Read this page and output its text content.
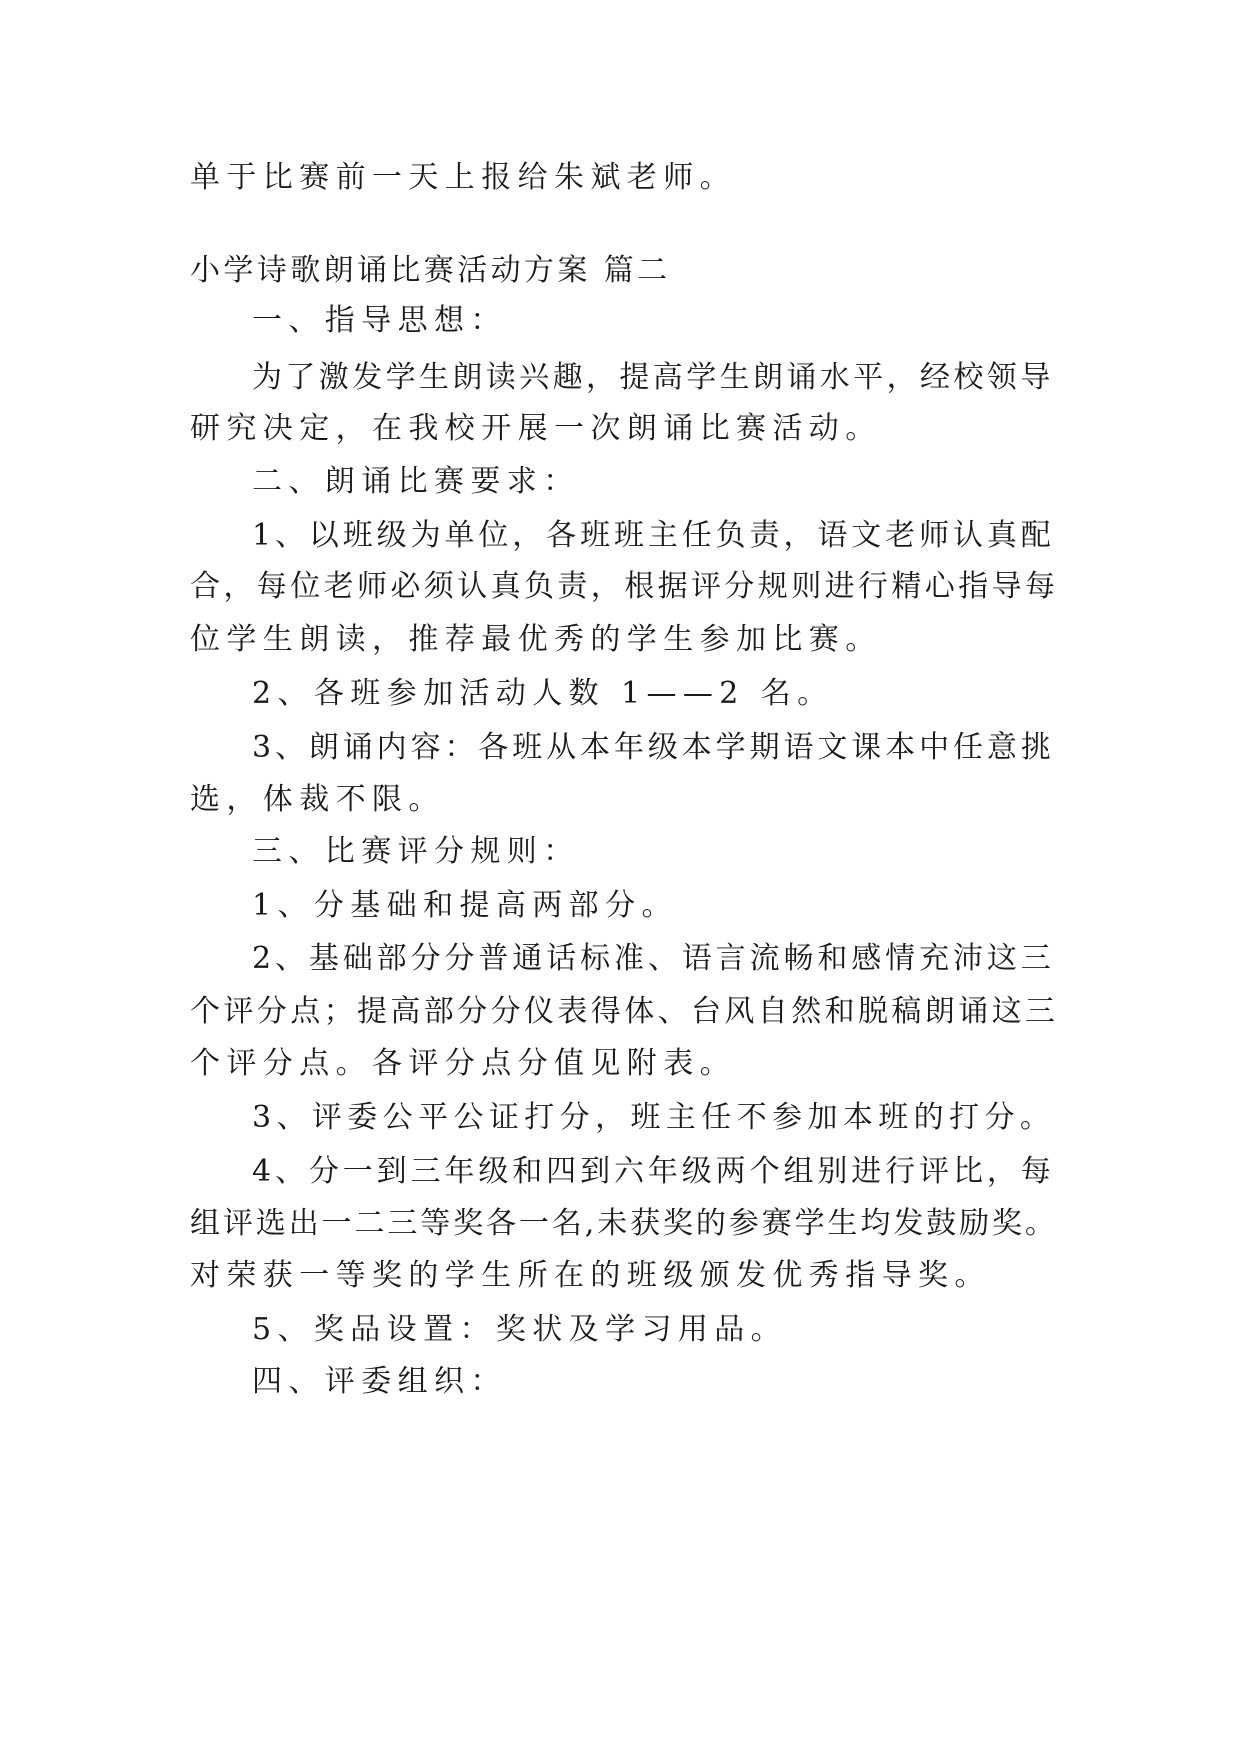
单于比赛前一天上报给朱斌老师。
小学诗歌朗诵比赛活动方案 篇二
一、指导思想：
为了激发学生朗读兴趣，提高学生朗诵水平，经校领导
研究决定，在我校开展一次朗诵比赛活动。
二、朗诵比赛要求：
1、以班级为单位，各班班主任负责，语文老师认真配
合，每位老师必须认真负责，根据评分规则进行精心指导每
位学生朗读，推荐最优秀的学生参加比赛。
2、各班参加活动人数 1——2 名。
3、朗诵内容：各班从本年级本学期语文课本中任意挑
选，体裁不限。
三、比赛评分规则：
1、分基础和提高两部分。
2、基础部分分普通话标准、语言流畅和感情充沛这三
个评分点；提高部分分仪表得体、台风自然和脱稿朗诵这三
个评分点。各评分点分值见附表。
3、评委公平公证打分，班主任不参加本班的打分。
4、分一到三年级和四到六年级两个组别进行评比，每
组评选出一二三等奖各一名,未获奖的参赛学生均发鼓励奖。
对荣获一等奖的学生所在的班级颁发优秀指导奖。
5、奖品设置：奖状及学习用品。
四、评委组织：
